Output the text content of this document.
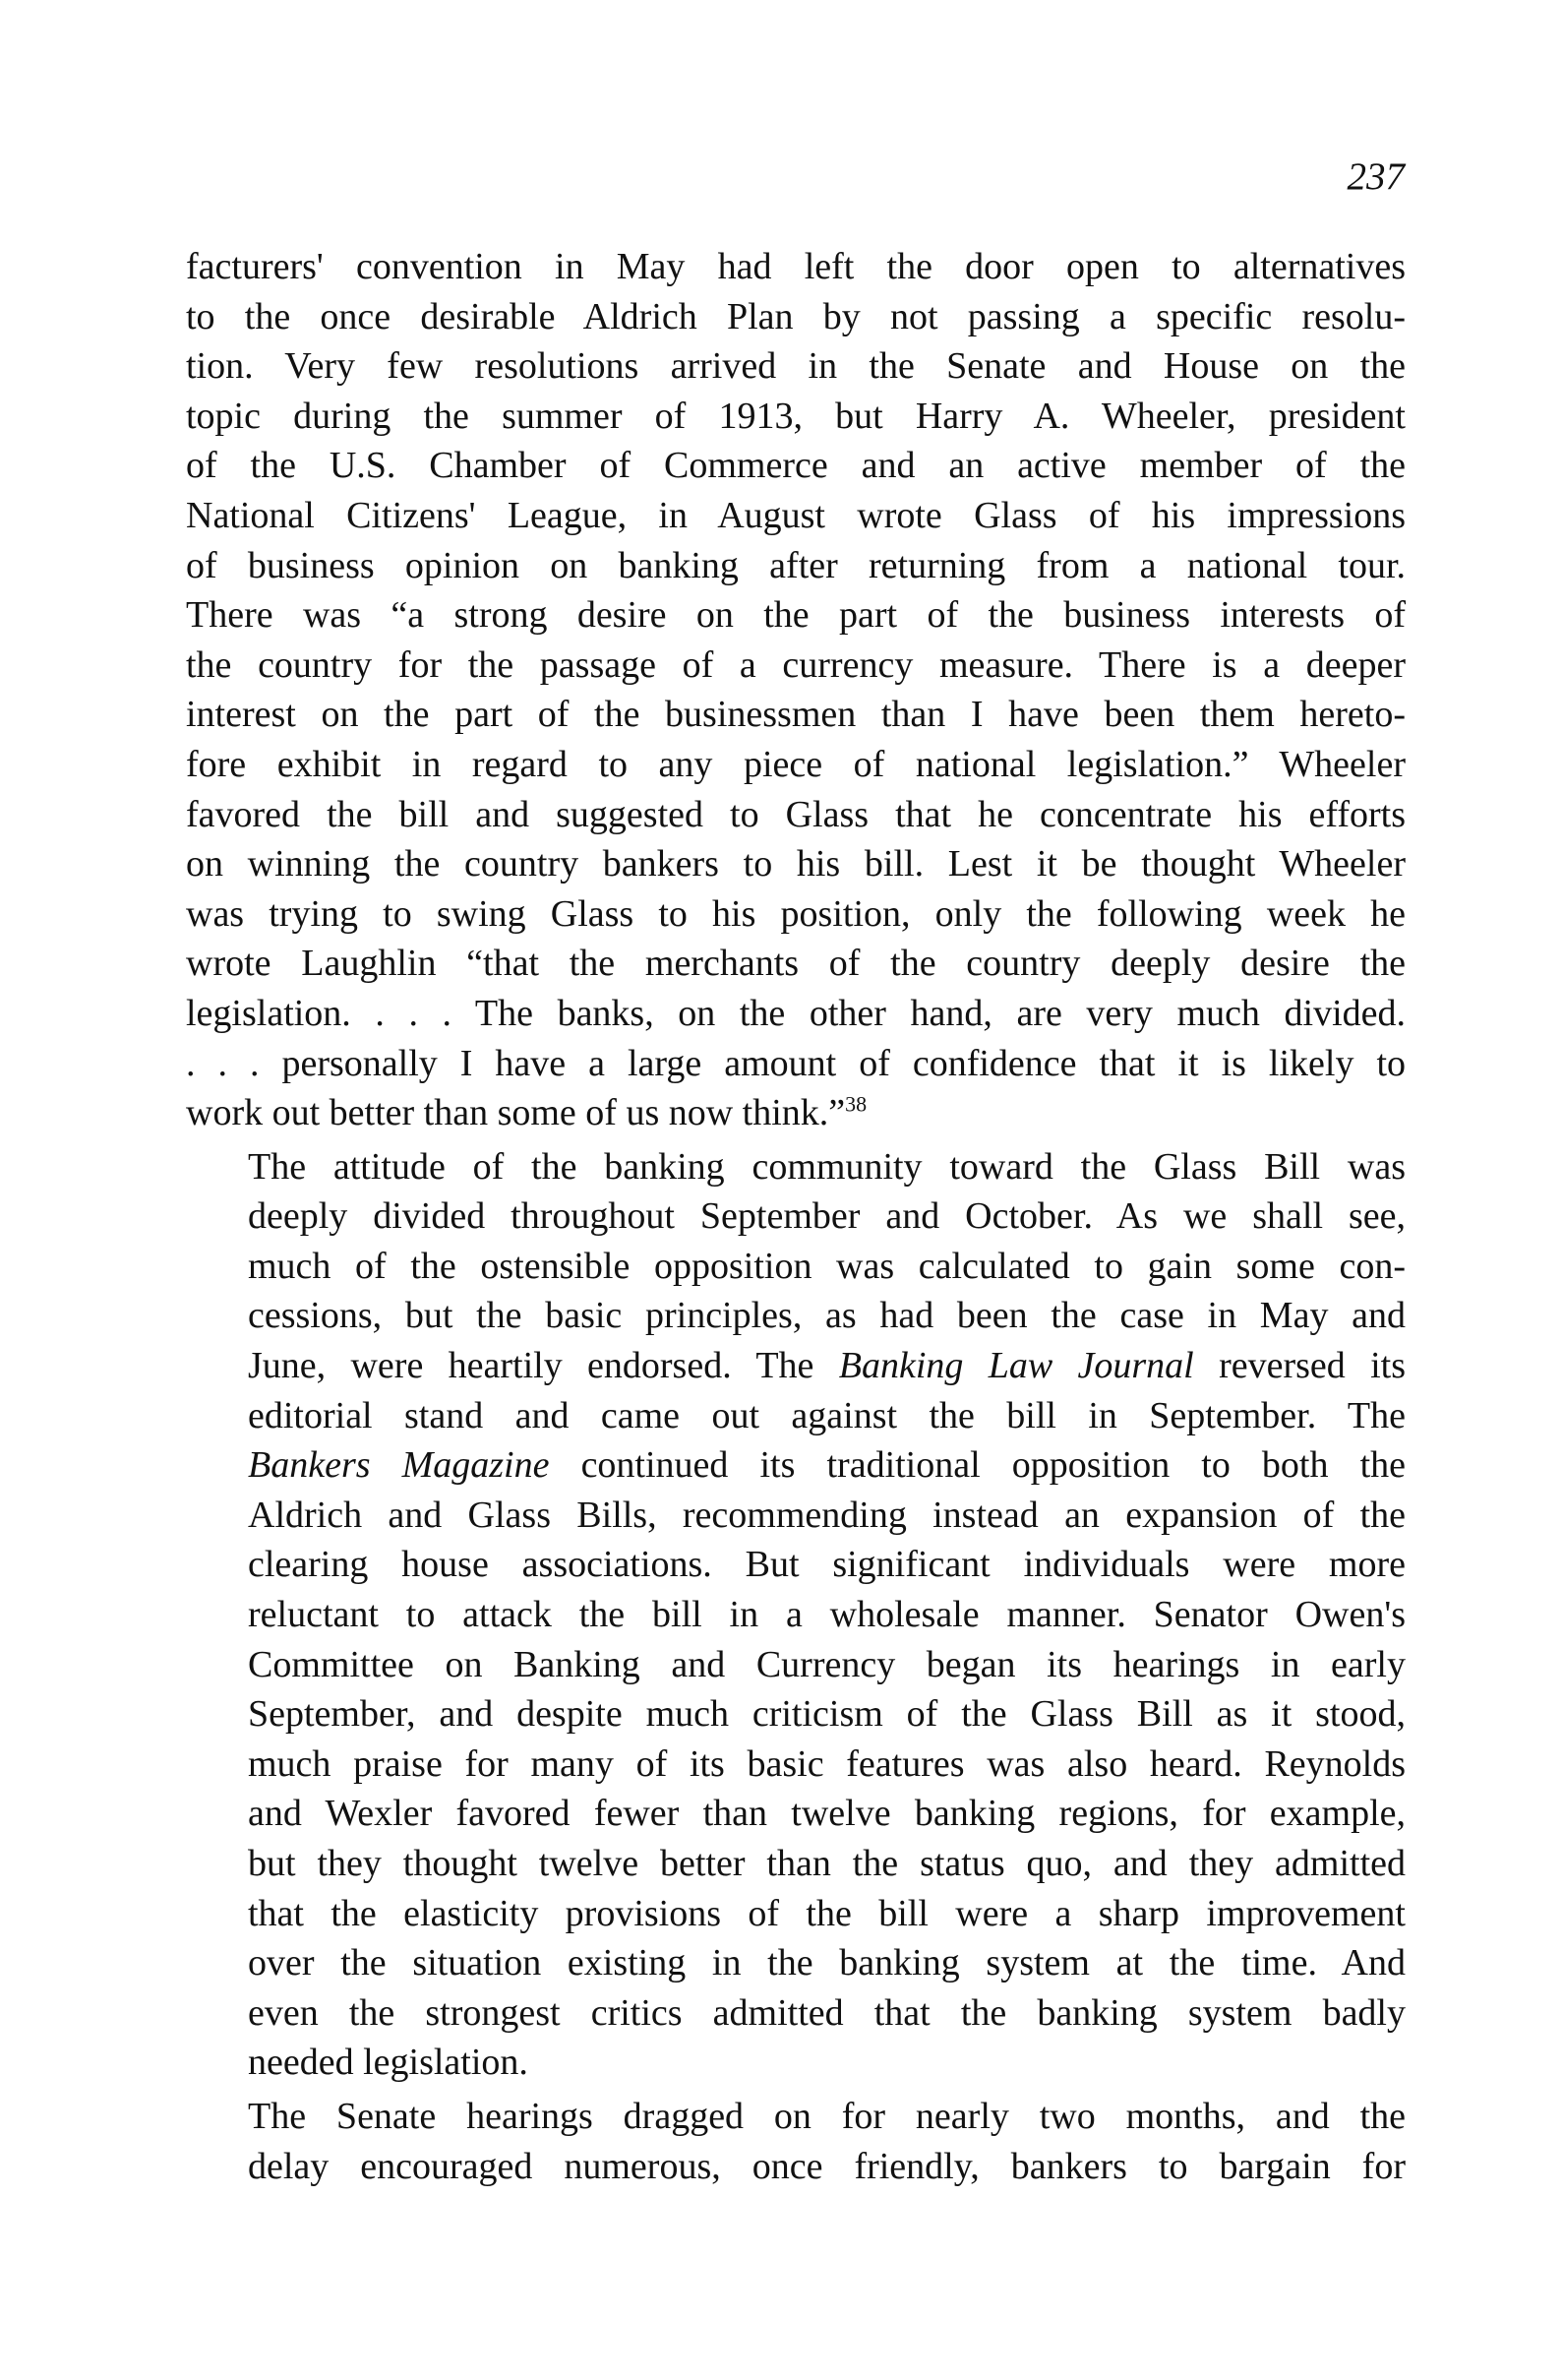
237

facturers' convention in May had left the door open to alternatives
to the once desirable Aldrich Plan by not passing a specific resolu-
tion. Very few resolutions arrived in the Senate and House on the
topic during the summer of 1913, but Harry A. Wheeler, president
of the U.S. Chamber of Commerce and an active member of the
National Citizens' League, in August wrote Glass of his impressions
of business opinion on banking after returning from a national tour.
There was “a strong desire on the part of the business interests of
the country for the passage of a currency measure. There is a deeper
interest on the part of the businessmen than I have been them hereto-
fore exhibit in regard to any piece of national legislation.” Wheeler
favored the bill and suggested to Glass that he concentrate his efforts
on winning the country bankers to his bill. Lest it be thought Wheeler
was trying to swing Glass to his position, only the following week he
wrote Laughlin “that the merchants of the country deeply desire the
legislation. . . . The banks, on the other hand, are very much divided.
. . . personally I have a large amount of confidence that it is likely to
work out better than some of us now think.”$^{38}$

The attitude of the banking community toward the Glass Bill was
deeply divided throughout September and October. As we shall see,
much of the ostensible opposition was calculated to gain some con-
cessions, but the basic principles, as had been the case in May and
June, were heartily endorsed. The Banking Law Journal reversed its
editorial stand and came out against the bill in September. The
Bankers Magazine continued its traditional opposition to both the
Aldrich and Glass Bills, recommending instead an expansion of the
clearing house associations. But significant individuals were more
reluctant to attack the bill in a wholesale manner. Senator Owen's
Committee on Banking and Currency began its hearings in early
September, and despite much criticism of the Glass Bill as it stood,
much praise for many of its basic features was also heard. Reynolds
and Wexler favored fewer than twelve banking regions, for example,
but they thought twelve better than the status quo, and they admitted
that the elasticity provisions of the bill were a sharp improvement
over the situation existing in the banking system at the time. And
even the strongest critics admitted that the banking system badly
needed legislation.

The Senate hearings dragged on for nearly two months, and the
delay encouraged numerous, once friendly, bankers to bargain for
